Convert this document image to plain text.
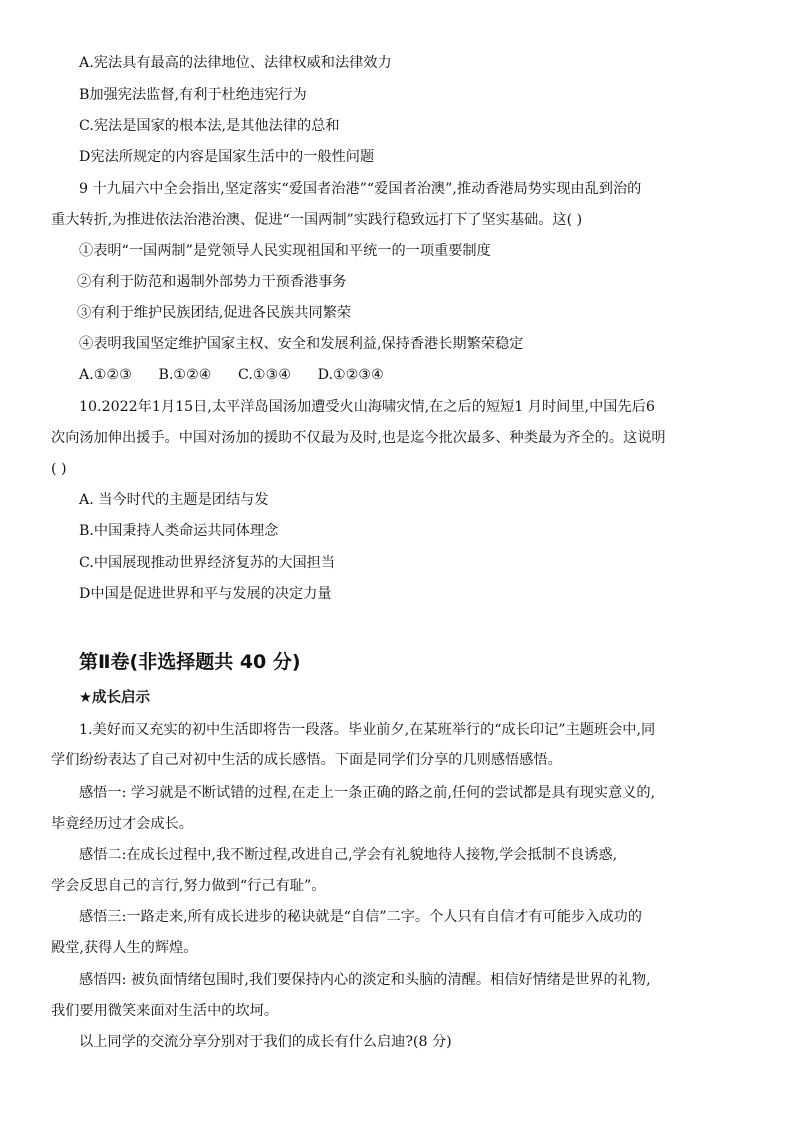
A.宪法具有最高的法律地位、法律权威和法律效力
B加强宪法监督,有利于杜绝违宪行为
C.宪法是国家的根本法,是其他法律的总和
D宪法所规定的内容是国家生活中的一般性问题
9 十九届六中全会指出,坚定落实“爱国者治港”“爱国者治澳”,推动香港局势实现由乱到治的
重大转折,为推进依法治港治澳、促进“一国两制”实践行稳致远打下了坚实基础。这( )
①表明“一国两制”是党领导人民实现祖国和平统一的一项重要制度
②有利于防范和遏制外部势力干预香港事务
③有利于维护民族团结,促进各民族共同繁荣
④表明我国坚定维护国家主权、安全和发展利益,保持香港长期繁荣稳定
A.①②③ B.①②④ C.①③④ D.①②③④
10.2022年1月15日,太平洋岛国汤加遭受火山海啸灾情,在之后的短短1 月时间里,中国先后6
次向汤加伸出援手。中国对汤加的援助不仅最为及时,也是迄今批次最多、种类最为齐全的。这说明
( )
A. 当今时代的主题是团结与发
B.中国秉持人类命运共同体理念
C.中国展现推动世界经济复苏的大国担当
D中国是促进世界和平与发展的决定力量
第Ⅱ卷(非选择题共 40 分)
★成长启示
1.美好而又充实的初中生活即将告一段落。毕业前夕,在某班举行的“成长印记”主题班会中,同
学们纷纷表达了自己对初中生活的成长感悟。下面是同学们分享的几则感悟感悟。
感悟一: 学习就是不断试错的过程,在走上一条正确的路之前,任何的尝试都是具有现实意义的,
毕竟经历过才会成长。
感悟二:在成长过程中,我不断过程,改进自己,学会有礼貌地待人接物,学会抵制不良诱惑,
学会反思自己的言行,努力做到“行己有耻”。
感悟三:一路走来,所有成长进步的秘诀就是“自信”二字。个人只有自信才有可能步入成功的
殿堂,获得人生的辉煌。
感悟四: 被负面情绪包围时,我们要保持内心的淡定和头脑的清醒。相信好情绪是世界的礼物,
我们要用微笑来面对生活中的坎坷。
以上同学的交流分享分别对于我们的成长有什么启迪?(8 分)
